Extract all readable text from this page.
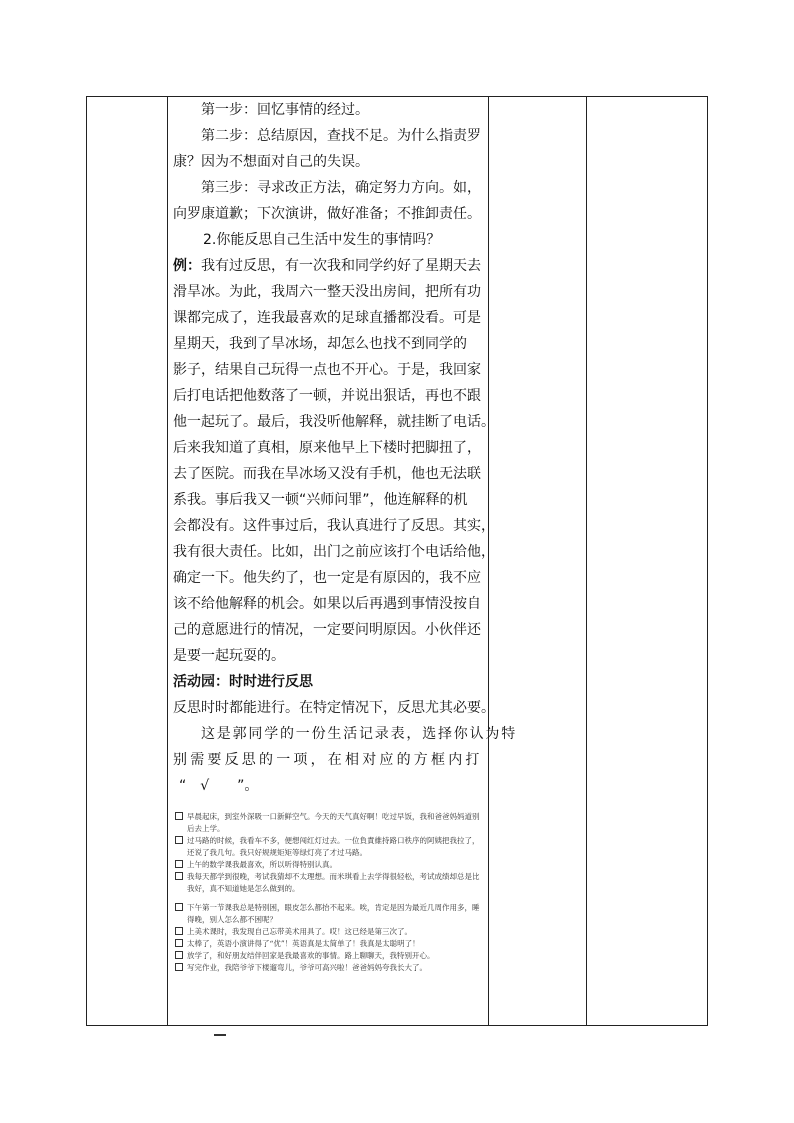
第一步：回忆事情的经过。
第二步：总结原因，查找不足。为什么指责罗
康？因为不想面对自己的失误。
第三步：寻求改正方法，确定努力方向。如，
向罗康道歉；下次演讲，做好准备；不推卸责任。
2.你能反思自己生活中发生的事情吗？
例：我有过反思，有一次我和同学约好了星期天去
滑旱冰。为此，我周六一整天没出房间，把所有功
课都完成了，连我最喜欢的足球直播都没看。可是
星期天，我到了旱冰场，却怎么也找不到同学的
影子，结果自己玩得一点也不开心。于是，我回家
后打电话把他数落了一顿，并说出狠话，再也不跟
他一起玩了。最后，我没听他解释，就挂断了电话。
后来我知道了真相，原来他早上下楼时把脚扭了，
去了医院。而我在旱冰场又没有手机，他也无法联
系我。事后我又一顿“兴师问罪”，他连解释的机
会都没有。这件事过后，我认真进行了反思。其实，
我有很大责任。比如，出门之前应该打个电话给他，
确定一下。他失约了，也一定是有原因的，我不应
该不给他解释的机会。如果以后再遇到事情没按自
己的意愿进行的情况，一定要问明原因。小伙伴还
是要一起玩耍的。
活动园：时时进行反思
反思时时都能进行。在特定情况下，反思尤其必要。
这是郭同学的一份生活记录表，选择你认为特
别需要反思的一项，在相对应的方框内打
“　√　　”。
早晨起床，到室外深吸一口新鲜空气。今天的天气真好啊！吃过早饭，我和爸爸妈妈道别后去上学。
过马路的时候，我看车不多，便想闯红灯过去。一位負責維持路口秩序的阿姨把我拉了，还说了我几句。我只好规规矩矩等绿灯亮了才过马路。
上午的数学课我最喜欢，所以听得特别认真。
我每天都学到很晚，考试我猜却不太理想。而米琪看上去学得很轻松，考试成绩却总是比我好，真不知道她是怎么做到的。
下午第一节课我总是特别困，眼皮怎么都抬不起来。唉，肯定是因为最近几周作用多，睡得晚，别人怎么都不困呢？
上美术课时，我发现自己忘带美术用具了。哎！这已经是第三次了。
太棒了，英语小演讲得了“优”！英语真是太简单了！我真是太聪明了！
放学了，和好朋友结伴回家是我最喜欢的事情。路上聊聊天，我特别开心。
写完作业，我陪爷爷下楼遛弯儿，爷爷可高兴啦！爸爸妈妈夸我长大了。
